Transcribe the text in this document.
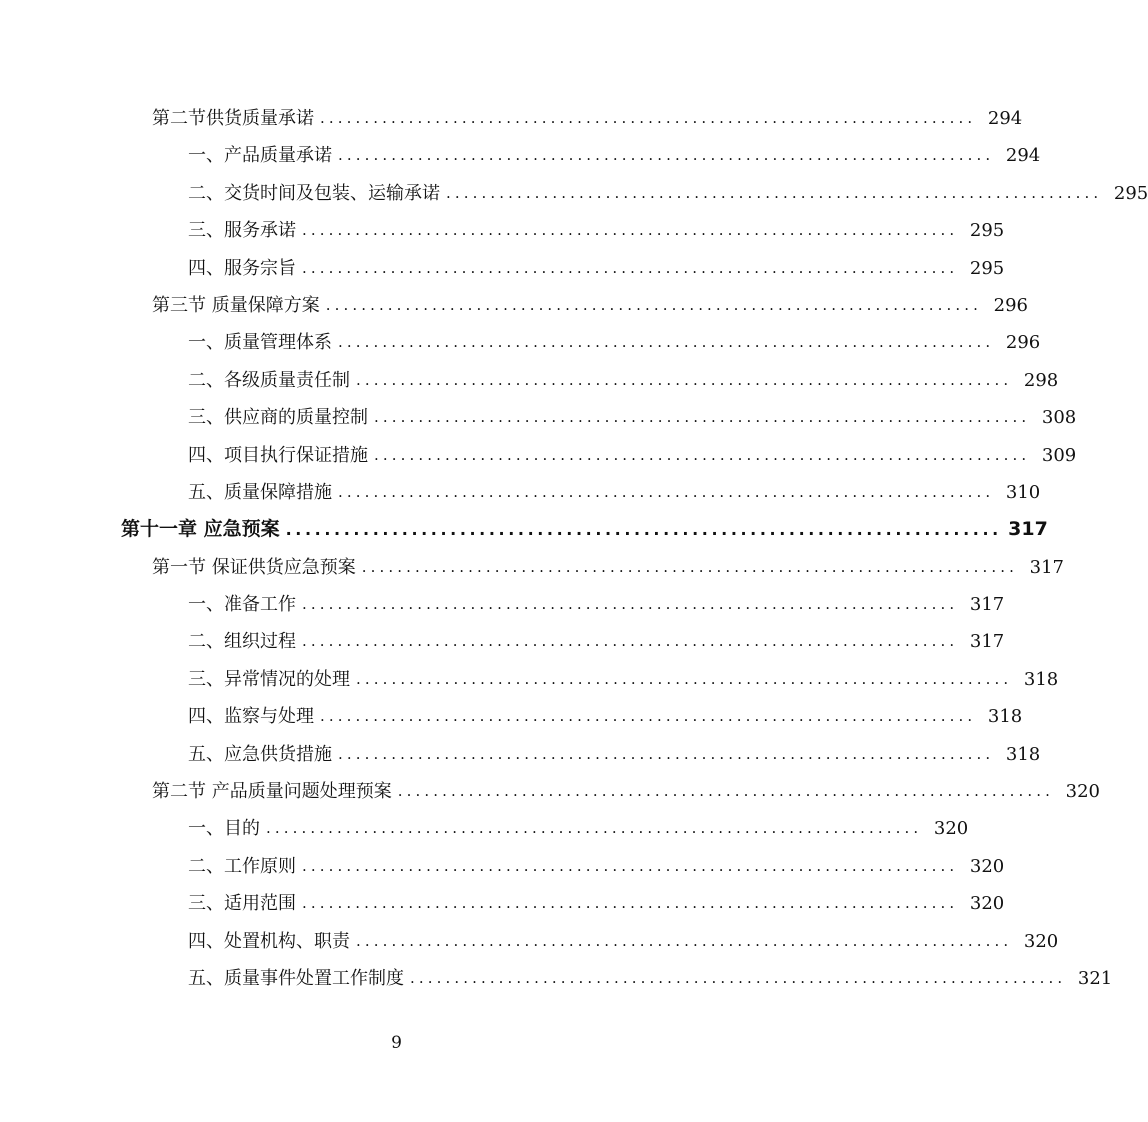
第二节供货质量承诺 .......................................................................... 294
一、产品质量承诺 .......................................................................... 294
二、交货时间及包装、运输承诺 .......................................................................... 295
三、服务承诺 .......................................................................... 295
四、服务宗旨 .......................................................................... 295
第三节 质量保障方案 .......................................................................... 296
一、质量管理体系 .......................................................................... 296
二、各级质量责任制 .......................................................................... 298
三、供应商的质量控制 .......................................................................... 308
四、项目执行保证措施 .......................................................................... 309
五、质量保障措施 .......................................................................... 310
第十一章 应急预案 .......................................................................... 317
第一节 保证供货应急预案 .......................................................................... 317
一、准备工作 .......................................................................... 317
二、组织过程 .......................................................................... 317
三、异常情况的处理 .......................................................................... 318
四、监察与处理 .......................................................................... 318
五、应急供货措施 .......................................................................... 318
第二节 产品质量问题处理预案 .......................................................................... 320
一、目的 .......................................................................... 320
二、工作原则 .......................................................................... 320
三、适用范围 .......................................................................... 320
四、处置机构、职责 .......................................................................... 320
五、质量事件处置工作制度 .......................................................................... 321
9
